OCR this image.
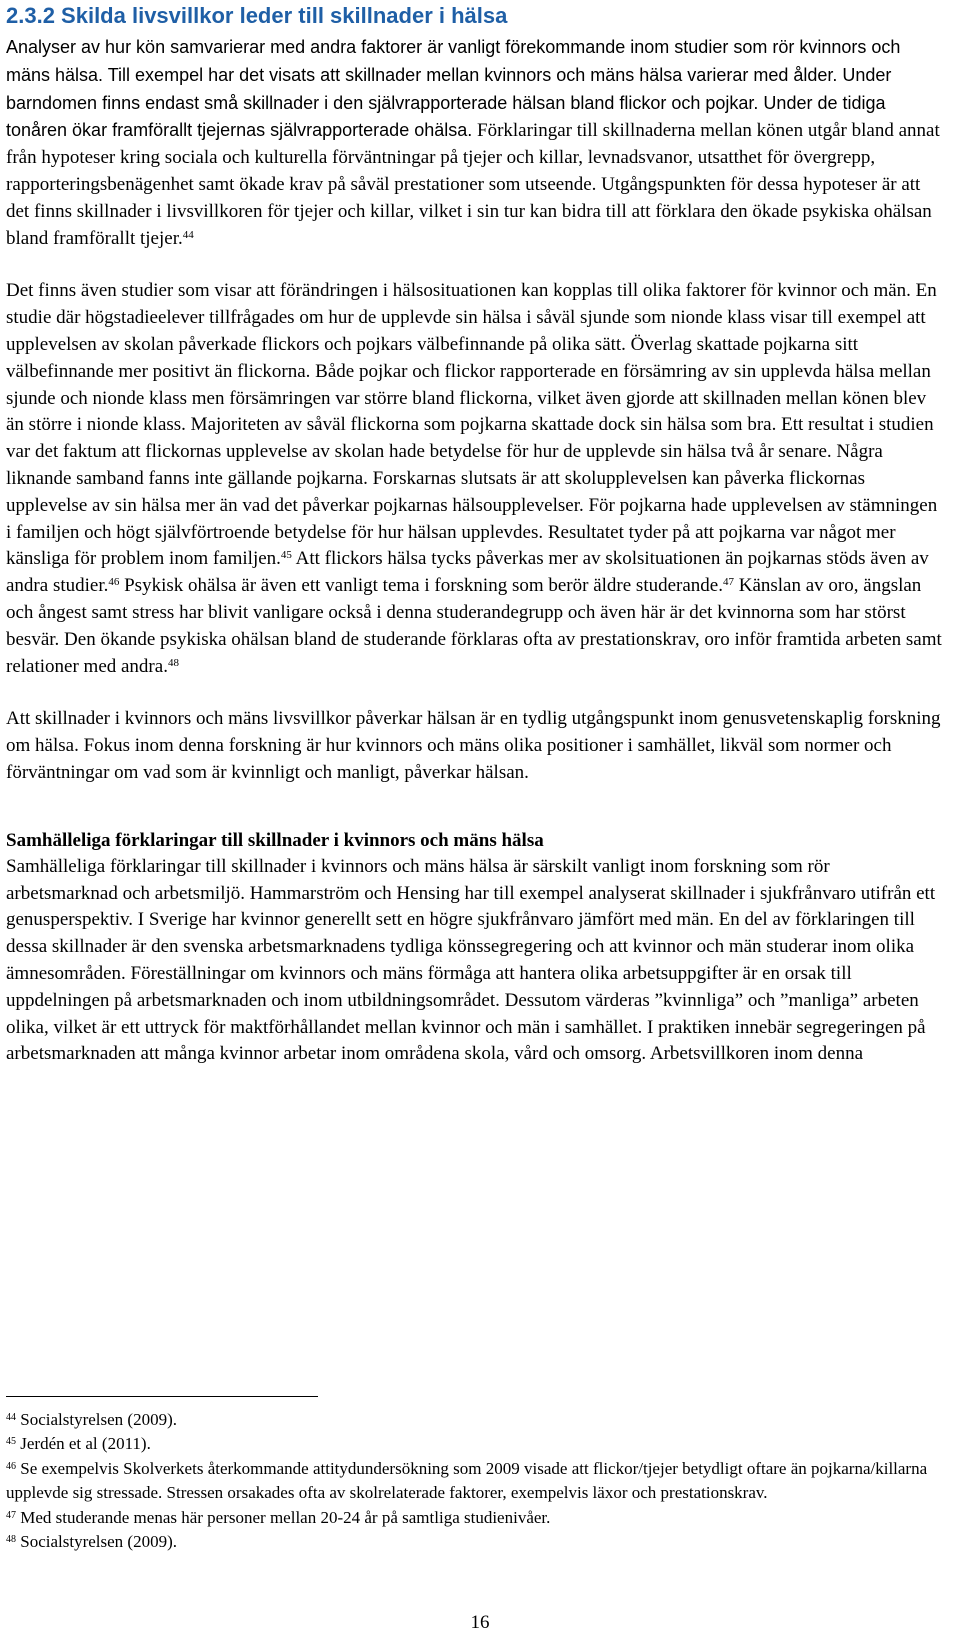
2.3.2 Skilda livsvillkor leder till skillnader i hälsa

Analyser av hur kön samvarierar med andra faktorer är vanligt förekommande inom studier som rör kvinnors och mäns hälsa. Till exempel har det visats att skillnader mellan kvinnors och mäns hälsa varierar med ålder. Under barndomen finns endast små skillnader i den självrapporterade hälsan bland flickor och pojkar. Under de tidiga tonåren ökar framförallt tjejernas självrapporterade ohälsa. Förklaringar till skillnaderna mellan könen utgår bland annat från hypoteser kring sociala och kulturella förväntningar på tjejer och killar, levnadsvanor, utsatthet för övergrepp, rapporteringsbenägenhet samt ökade krav på såväl prestationer som utseende. Utgångspunkten för dessa hypoteser är att det finns skillnader i livsvillkoren för tjejer och killar, vilket i sin tur kan bidra till att förklara den ökade psykiska ohälsan bland framförallt tjejer.$^{44}$

Det finns även studier som visar att förändringen i hälsosituationen kan kopplas till olika faktorer för kvinnor och män. En studie där högstadieelever tillfrågades om hur de upplevde sin hälsa i såväl sjunde som nionde klass visar till exempel att upplevelsen av skolan påverkade flickors och pojkars välbefinnande på olika sätt. Överlag skattade pojkarna sitt välbefinnande mer positivt än flickorna. Både pojkar och flickor rapporterade en försämring av sin upplevda hälsa mellan sjunde och nionde klass men försämringen var större bland flickorna, vilket även gjorde att skillnaden mellan könen blev än större i nionde klass. Majoriteten av såväl flickorna som pojkarna skattade dock sin hälsa som bra. Ett resultat i studien var det faktum att flickornas upplevelse av skolan hade betydelse för hur de upplevde sin hälsa två år senare. Några liknande samband fanns inte gällande pojkarna. Forskarnas slutsats är att skolupplevelsen kan påverka flickornas upplevelse av sin hälsa mer än vad det påverkar pojkarnas hälsoupplevelser. För pojkarna hade upplevelsen av stämningen i familjen och högt självförtroende betydelse för hur hälsan upplevdes. Resultatet tyder på att pojkarna var något mer känsliga för problem inom familjen.$^{45}$ Att flickors hälsa tycks påverkas mer av skolsituationen än pojkarnas stöds även av andra studier.$^{46}$ Psykisk ohälsa är även ett vanligt tema i forskning som berör äldre studerande.$^{47}$ Känslan av oro, ängslan och ångest samt stress har blivit vanligare också i denna studerandegrupp och även här är det kvinnorna som har störst besvär. Den ökande psykiska ohälsan bland de studerande förklaras ofta av prestationskrav, oro inför framtida arbeten samt relationer med andra.$^{48}$

Att skillnader i kvinnors och mäns livsvillkor påverkar hälsan är en tydlig utgångspunkt inom genusvetenskaplig forskning om hälsa. Fokus inom denna forskning är hur kvinnors och mäns olika positioner i samhället, likväl som normer och förväntningar om vad som är kvinnligt och manligt, påverkar hälsan.

Samhälleliga förklaringar till skillnader i kvinnors och mäns hälsa

Samhälleliga förklaringar till skillnader i kvinnors och mäns hälsa är särskilt vanligt inom forskning som rör arbetsmarknad och arbetsmiljö. Hammarström och Hensing har till exempel analyserat skillnader i sjukfrånvaro utifrån ett genusperspektiv. I Sverige har kvinnor generellt sett en högre sjukfrånvaro jämfört med män. En del av förklaringen till dessa skillnader är den svenska arbetsmarknadens tydliga könssegregering och att kvinnor och män studerar inom olika ämnesområden. Föreställningar om kvinnors och mäns förmåga att hantera olika arbetsuppgifter är en orsak till uppdelningen på arbetsmarknaden och inom utbildningsområdet. Dessutom värderas ”kvinnliga” och ”manliga” arbeten olika, vilket är ett uttryck för maktförhållandet mellan kvinnor och män i samhället. I praktiken innebär segregeringen på arbetsmarknaden att många kvinnor arbetar inom områdena skola, vård och omsorg. Arbetsvillkoren inom denna

$^{44}$ Socialstyrelsen (2009).

$^{45}$ Jerdén et al (2011).

$^{46}$ Se exempelvis Skolverkets återkommande attitydundersökning som 2009 visade att flickor/tjejer betydligt oftare än pojkarna/killarna upplevde sig stressade. Stressen orsakades ofta av skolrelaterade faktorer, exempelvis läxor och prestationskrav.

$^{47}$ Med studerande menas här personer mellan 20-24 år på samtliga studienivåer.

$^{48}$ Socialstyrelsen (2009).

16
